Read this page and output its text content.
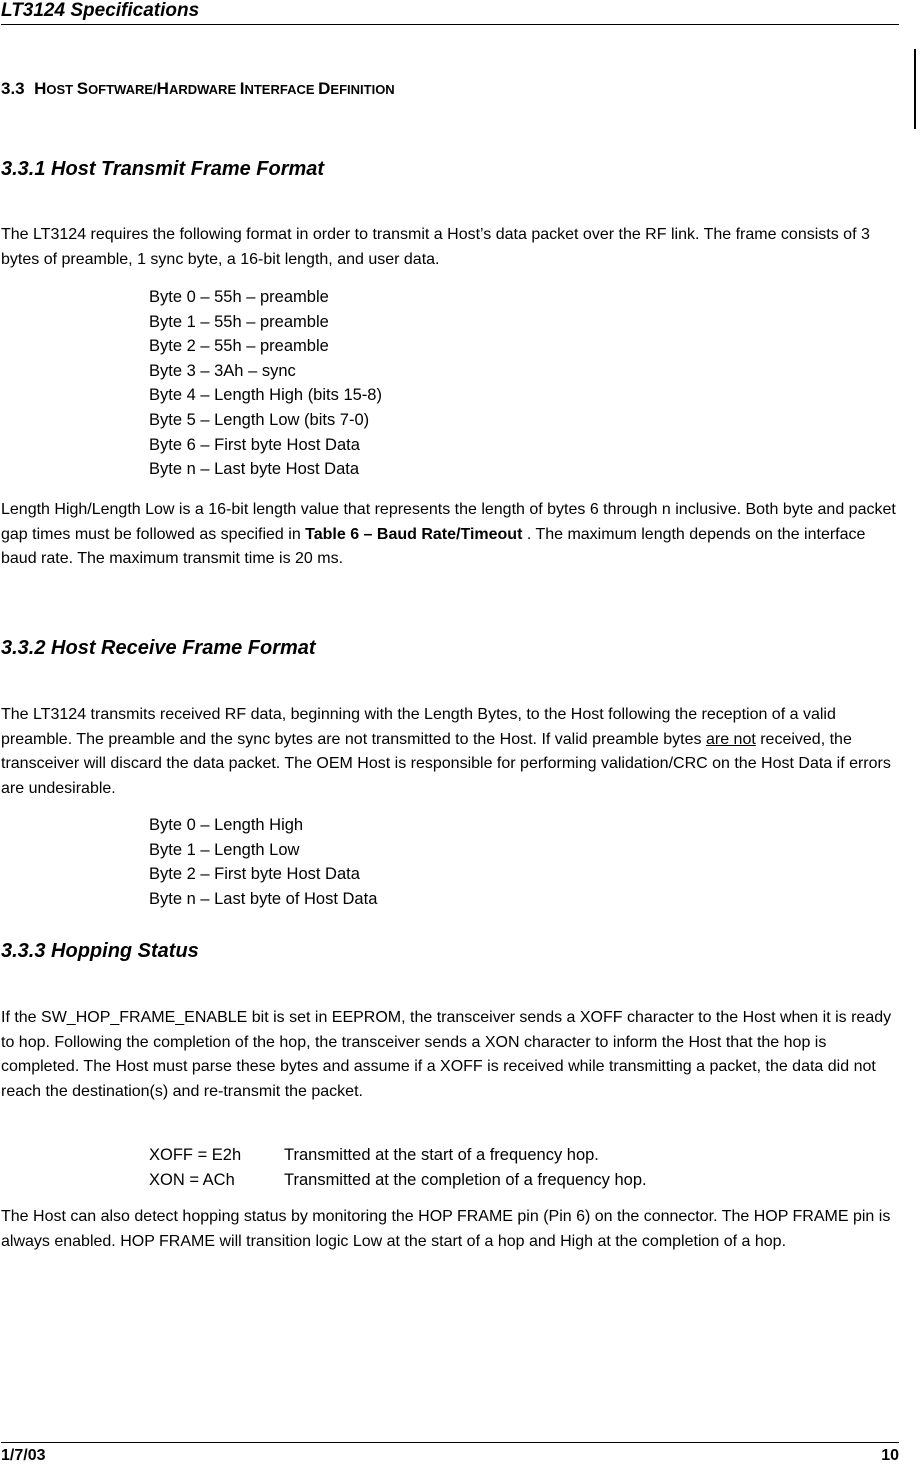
LT3124 Specifications
3.3 HOST SOFTWARE/HARDWARE INTERFACE DEFINITION
3.3.1 Host Transmit Frame Format

The LT3124 requires the following format in order to transmit a Host’s data packet over the RF link. The frame consists of 3 bytes of preamble, 1 sync byte, a 16-bit length, and user data.

Byte 0 – 55h – preamble
Byte 1 – 55h – preamble
Byte 2 – 55h – preamble
Byte 3 – 3Ah – sync
Byte 4 – Length High (bits 15-8)
Byte 5 – Length Low (bits 7-0)
Byte 6 – First byte Host Data
Byte n – Last byte Host Data

Length High/Length Low is a 16-bit length value that represents the length of bytes 6 through n inclusive. Both byte and packet gap times must be followed as specified in Table 6 – Baud Rate/Timeout . The maximum length depends on the interface baud rate. The maximum transmit time is 20 ms.

3.3.2 Host Receive Frame Format

The LT3124 transmits received RF data, beginning with the Length Bytes, to the Host following the reception of a valid preamble. The preamble and the sync bytes are not transmitted to the Host. If valid preamble bytes are not received, the transceiver will discard the data packet. The OEM Host is responsible for performing validation/CRC on the Host Data if errors are undesirable.

Byte 0 – Length High
Byte 1 – Length Low
Byte 2 – First byte Host Data
Byte n – Last byte of Host Data
3.3.3 Hopping Status

If the SW_HOP_FRAME_ENABLE bit is set in EEPROM, the transceiver sends a XOFF character to the Host when it is ready to hop. Following the completion of the hop, the transceiver sends a XON character to inform the Host that the hop is completed. The Host must parse these bytes and assume if a XOFF is received while transmitting a packet, the data did not reach the destination(s) and re-transmit the packet.

XOFF = E2h	Transmitted at the start of a frequency hop.
XON = ACh	Transmitted at the completion of a frequency hop.

The Host can also detect hopping status by monitoring the HOP FRAME pin (Pin 6) on the connector. The HOP FRAME pin is always enabled. HOP FRAME will transition logic Low at the start of a hop and High at the completion of a hop.

1/7/03	10
